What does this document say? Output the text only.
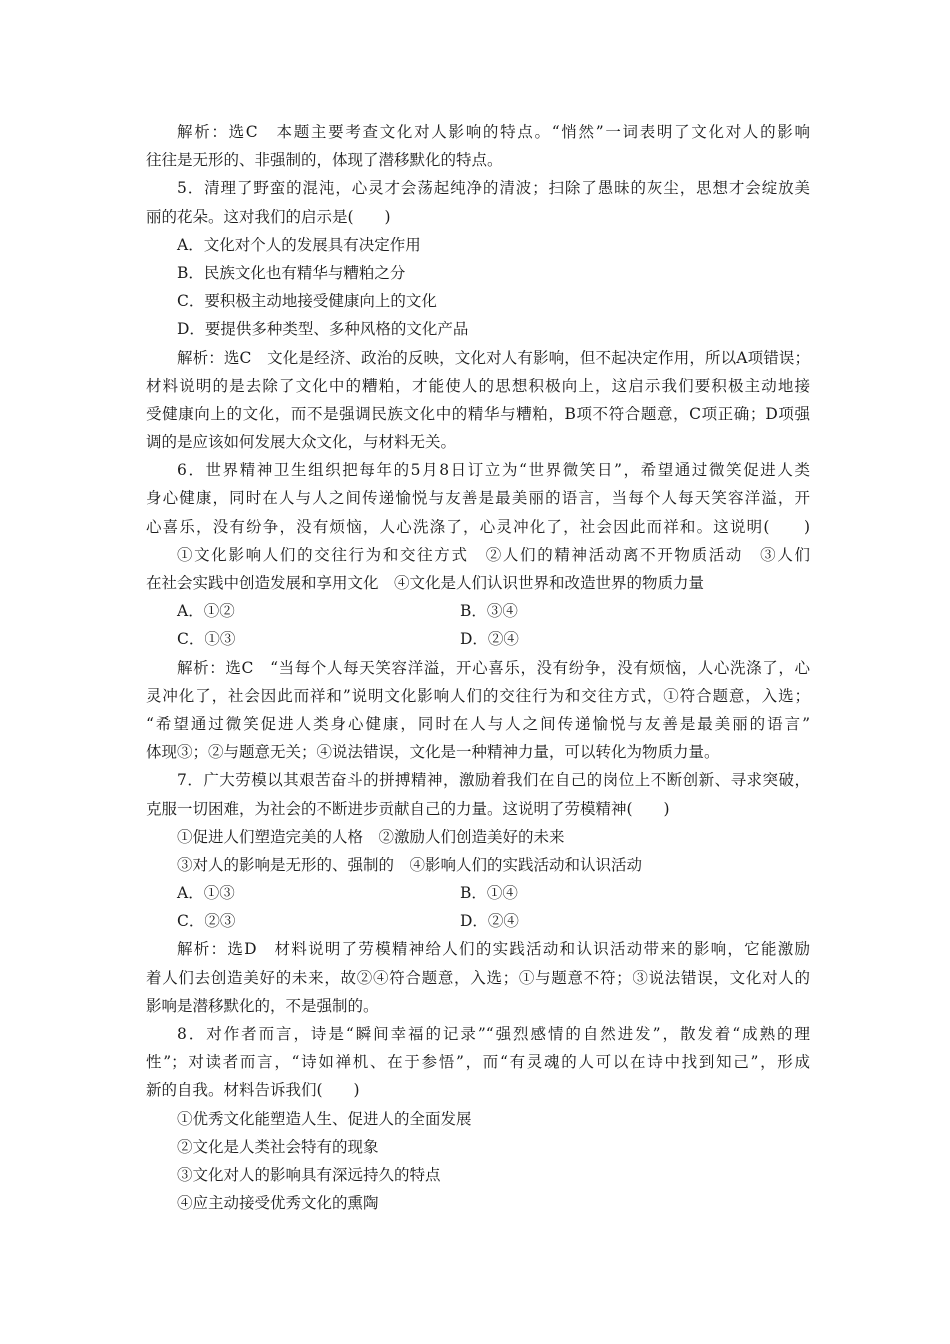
解析：选C　本题主要考查文化对人影响的特点。“悄然”一词表明了文化对人的影响
往往是无形的、非强制的，体现了潜移默化的特点。
5．清理了野蛮的混沌，心灵才会荡起纯净的清波；扫除了愚昧的灰尘，思想才会绽放美
丽的花朵。这对我们的启示是(　　)
A．文化对个人的发展具有决定作用
B．民族文化也有精华与糟粕之分
C．要积极主动地接受健康向上的文化
D．要提供多种类型、多种风格的文化产品
解析：选C　文化是经济、政治的反映，文化对人有影响，但不起决定作用，所以A项错误；
材料说明的是去除了文化中的糟粕，才能使人的思想积极向上，这启示我们要积极主动地接
受健康向上的文化，而不是强调民族文化中的精华与糟粕，B项不符合题意，C项正确；D项强
调的是应该如何发展大众文化，与材料无关。
6．世界精神卫生组织把每年的5月8日订立为“世界微笑日”，希望通过微笑促进人类
身心健康，同时在人与人之间传递愉悦与友善是最美丽的语言，当每个人每天笑容洋溢，开
心喜乐，没有纷争，没有烦恼，人心洗涤了，心灵冲化了，社会因此而祥和。这说明(　　)
①文化影响人们的交往行为和交往方式　②人们的精神活动离不开物质活动　③人们
在社会实践中创造发展和享用文化　④文化是人们认识世界和改造世界的物质力量
A．①②	B．③④
C．①③	D．②④
解析：选C　“当每个人每天笑容洋溢，开心喜乐，没有纷争，没有烦恼，人心洗涤了，心
灵冲化了，社会因此而祥和”说明文化影响人们的交往行为和交往方式，①符合题意，入选；
“希望通过微笑促进人类身心健康，同时在人与人之间传递愉悦与友善是最美丽的语言”
体现③；②与题意无关；④说法错误，文化是一种精神力量，可以转化为物质力量。
7．广大劳模以其艰苦奋斗的拼搏精神，激励着我们在自己的岗位上不断创新、寻求突破，
克服一切困难，为社会的不断进步贡献自己的力量。这说明了劳模精神(　　)
①促进人们塑造完美的人格　②激励人们创造美好的未来
③对人的影响是无形的、强制的　④影响人们的实践活动和认识活动
A．①③	B．①④
C．②③	D．②④
解析：选D　材料说明了劳模精神给人们的实践活动和认识活动带来的影响，它能激励
着人们去创造美好的未来，故②④符合题意，入选；①与题意不符；③说法错误，文化对人的
影响是潜移默化的，不是强制的。
8．对作者而言，诗是“瞬间幸福的记录”“强烈感情的自然进发”，散发着“成熟的理
性”；对读者而言，“诗如禅机、在于参悟”，而“有灵魂的人可以在诗中找到知己”，形成
新的自我。材料告诉我们(　　)
①优秀文化能塑造人生、促进人的全面发展
②文化是人类社会特有的现象
③文化对人的影响具有深远持久的特点
④应主动接受优秀文化的熏陶
